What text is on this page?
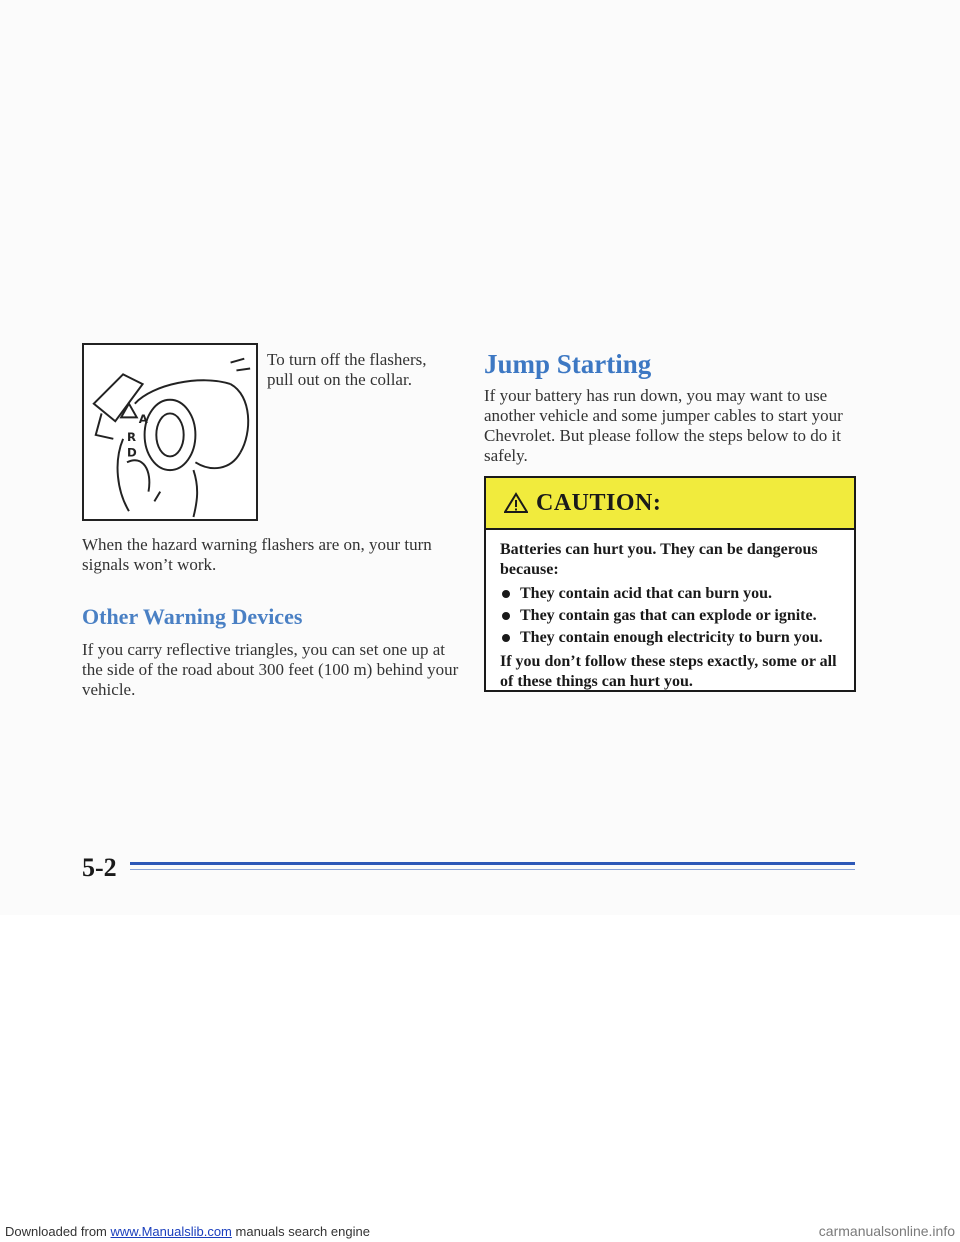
A
R
D
To turn off the flashers, pull out on the collar.

When the hazard warning flashers are on, your turn signals won’t work.

Other Warning Devices

If you carry reflective triangles, you can set one up at the side of the road about 300 feet (100 m) behind your vehicle.

Jump Starting

If your battery has run down, you may want to use another vehicle and some jumper cables to start your Chevrolet. But please follow the steps below to do it safely.

CAUTION:

Batteries can hurt you. They can be dangerous because:

They contain acid that can burn you.
They contain gas that can explode or ignite.
They contain enough electricity to burn you.

If you don’t follow these steps exactly, some or all of these things can hurt you.

5-2
Downloaded from www.Manualslib.com manuals search engine	carmanualsonline.info
